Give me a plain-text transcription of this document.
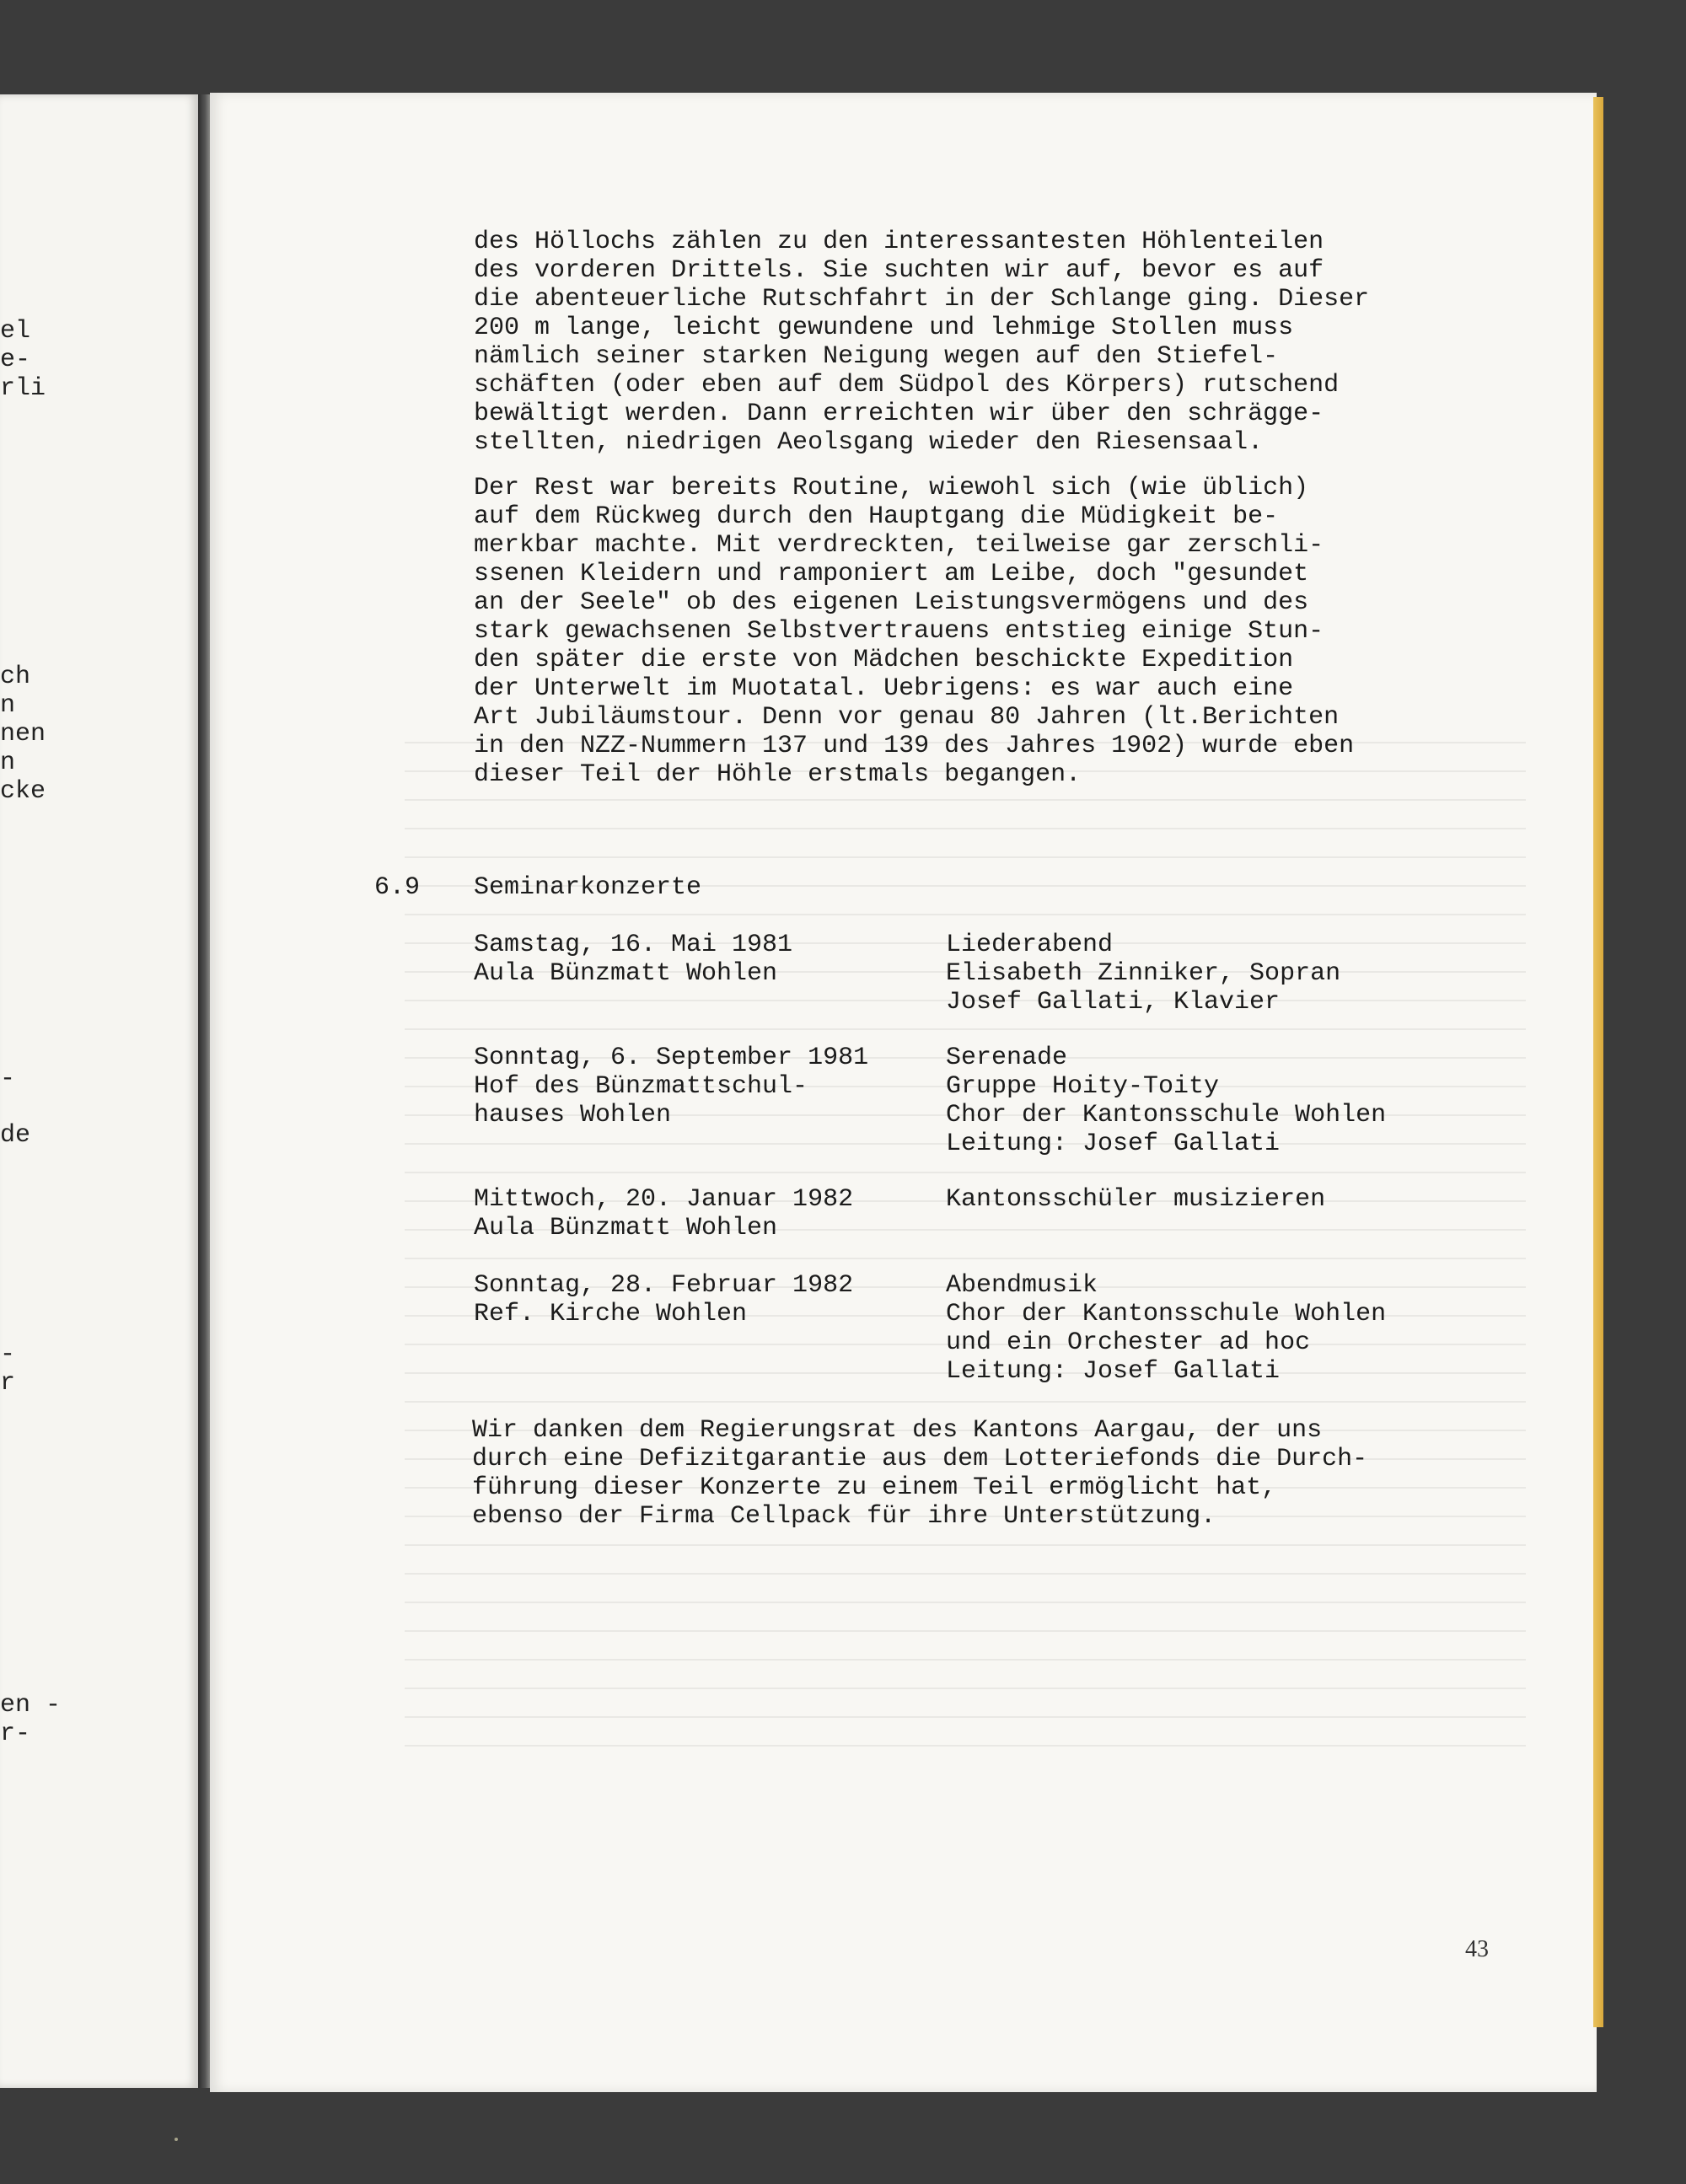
el
e-
rli
ch
n
nen
n
cke
-
de
-
r
en -
r-
des Höllochs zählen zu den interessantesten Höhlenteilen
des vorderen Drittels. Sie suchten wir auf, bevor es auf
die abenteuerliche Rutschfahrt in der Schlange ging. Dieser
200 m lange, leicht gewundene und lehmige Stollen muss
nämlich seiner starken Neigung wegen auf den Stiefel-
schäften (oder eben auf dem Südpol des Körpers) rutschend
bewältigt werden. Dann erreichten wir über den schrägge-
stellten, niedrigen Aeolsgang wieder den Riesensaal.
Der Rest war bereits Routine, wiewohl sich (wie üblich)
auf dem Rückweg durch den Hauptgang die Müdigkeit be-
merkbar machte. Mit verdreckten, teilweise gar zerschli-
ssenen Kleidern und ramponiert am Leibe, doch "gesundet
an der Seele" ob des eigenen Leistungsvermögens und des
stark gewachsenen Selbstvertrauens entstieg einige Stun-
den später die erste von Mädchen beschickte Expedition
der Unterwelt im Muotatal. Uebrigens: es war auch eine
Art Jubiläumstour. Denn vor genau 80 Jahren (lt.Berichten
in den NZZ-Nummern 137 und 139 des Jahres 1902) wurde eben
dieser Teil der Höhle erstmals begangen.
6.9 Seminarkonzerte
Samstag, 16. Mai 1981
Aula Bünzmatt Wohlen
Liederabend
Elisabeth Zinniker, Sopran
Josef Gallati, Klavier
Sonntag, 6. September 1981
Hof des Bünzmattschul-
hauses Wohlen
Serenade
Gruppe Hoity-Toity
Chor der Kantonsschule Wohlen
Leitung: Josef Gallati
Mittwoch, 20. Januar 1982
Aula Bünzmatt Wohlen
Kantonsschüler musizieren
Sonntag, 28. Februar 1982
Ref. Kirche Wohlen
Abendmusik
Chor der Kantonsschule Wohlen
und ein Orchester ad hoc
Leitung: Josef Gallati
Wir danken dem Regierungsrat des Kantons Aargau, der uns
durch eine Defizitgarantie aus dem Lotteriefonds die Durch-
führung dieser Konzerte zu einem Teil ermöglicht hat,
ebenso der Firma Cellpack für ihre Unterstützung.
43
